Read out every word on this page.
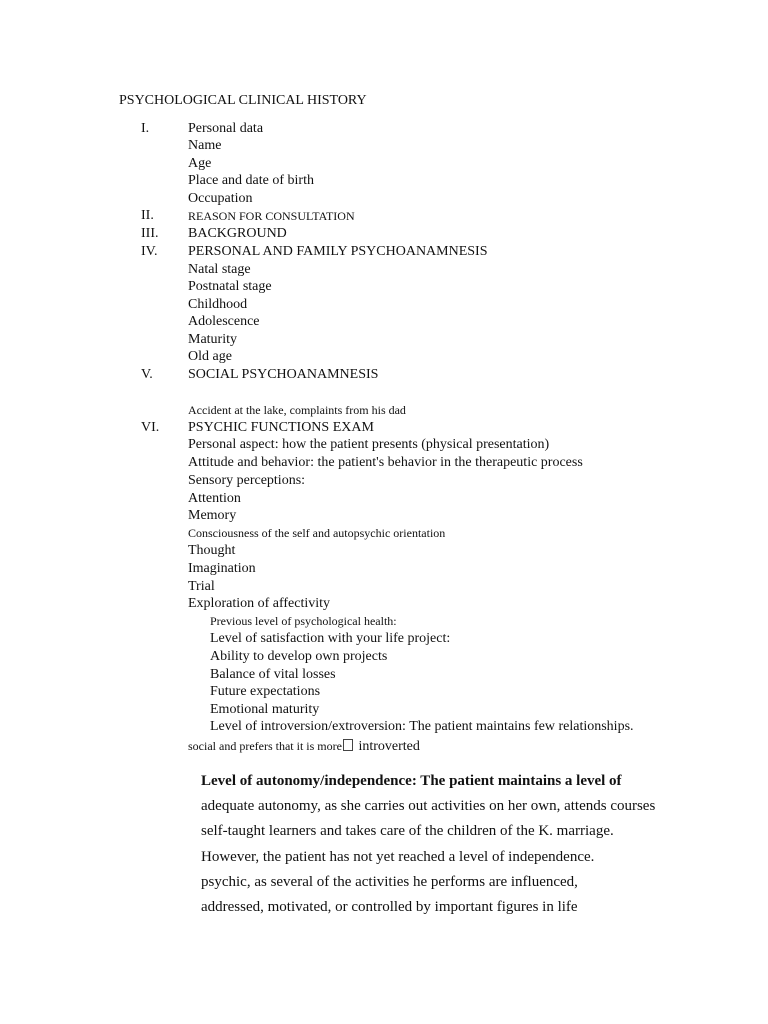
PSYCHOLOGICAL CLINICAL HISTORY
I.	Personal data
Name
Age
Place and date of birth
Occupation
II.	REASON FOR CONSULTATION
III. BACKGROUND
IV. PERSONAL AND FAMILY PSYCHOANAMNESIS
Natal stage
Postnatal stage
Childhood
Adolescence
Maturity
Old age
V.	SOCIAL PSYCHOANAMNESIS
Accident at the lake, complaints from his dad
VI. PSYCHIC FUNCTIONS EXAM
Personal aspect: how the patient presents (physical presentation)
Attitude and behavior: the patient's behavior in the therapeutic process
Sensory perceptions:
Attention
Memory
Consciousness of the self and autopsychic orientation
Thought
Imagination
Trial
Exploration of affectivity
Previous level of psychological health:
Level of satisfaction with your life project:
Ability to develop own projects
Balance of vital losses
Future expectations
Emotional maturity
Level of introversion/extroversion: The patient maintains few relationships.
social and prefers that it is more introverted
Level of autonomy/independence: The patient maintains a level of
adequate autonomy, as she carries out activities on her own, attends courses
self-taught learners and takes care of the children of the K. marriage.
However, the patient has not yet reached a level of independence.
psychic, as several of the activities he performs are influenced,
addressed, motivated, or controlled by important figures in life
